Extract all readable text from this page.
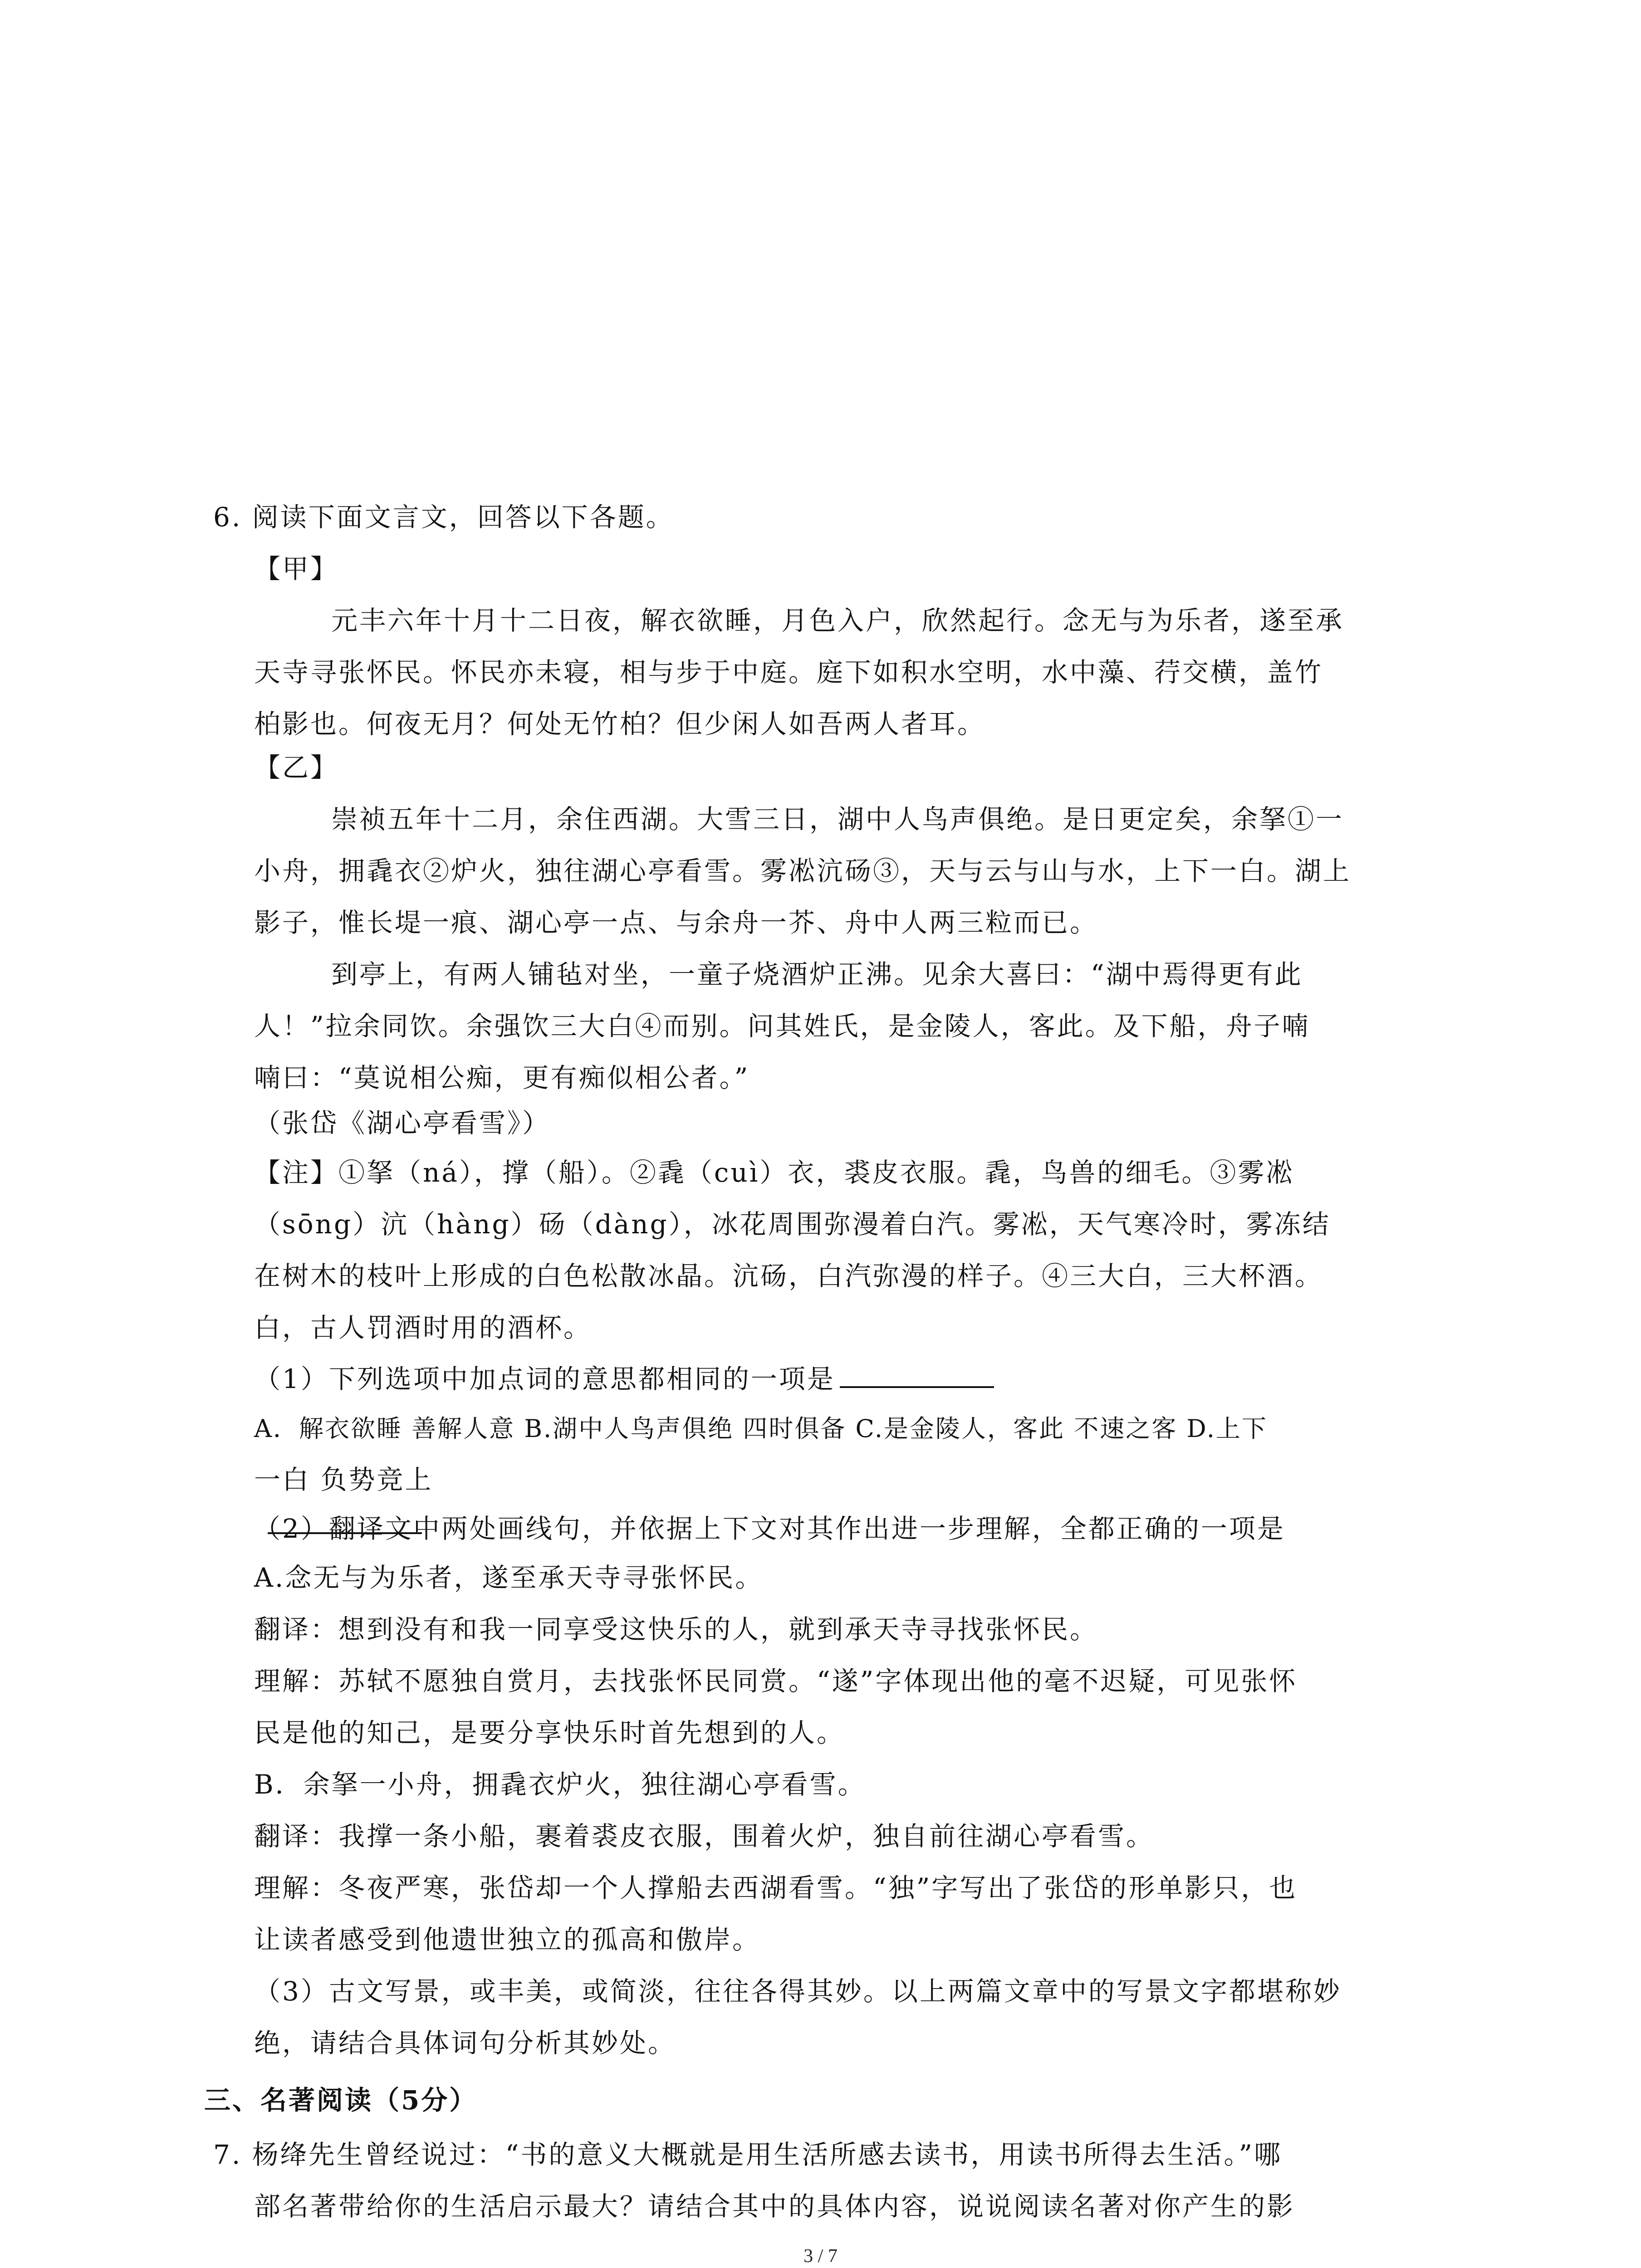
6. 阅读下面文言文，回答以下各题。
【甲】
元丰六年十月十二日夜，解衣欲睡，月色入户，欣然起行。念无与为乐者，遂至承
天寺寻张怀民。怀民亦未寝，相与步于中庭。庭下如积水空明，水中藻、荇交横，盖竹
柏影也。何夜无月？何处无竹柏？但少闲人如吾两人者耳。
【乙】
崇祯五年十二月，余住西湖。大雪三日，湖中人鸟声俱绝。是日更定矣，余拏①一
小舟，拥毳衣②炉火，独往湖心亭看雪。雾凇沆砀③，天与云与山与水，上下一白。湖上
影子，惟长堤一痕、湖心亭一点、与余舟一芥、舟中人两三粒而已。
到亭上，有两人铺毡对坐，一童子烧酒炉正沸。见余大喜曰：“湖中焉得更有此
人！”拉余同饮。余强饮三大白④而别。问其姓氏，是金陵人，客此。及下船，舟子喃
喃曰：“莫说相公痴，更有痴似相公者。”
（张岱《湖心亭看雪》）
【注】①拏（ná），撑（船）。②毳（cuì）衣，裘皮衣服。毳，鸟兽的细毛。③雾凇
（sōng）沆（hàng）砀（dàng），冰花周围弥漫着白汽。雾凇，天气寒冷时，雾冻结
在树木的枝叶上形成的白色松散冰晶。沆砀，白汽弥漫的样子。④三大白，三大杯酒。
白，古人罚酒时用的酒杯。
（1）下列选项中加点词的意思都相同的一项是
A．解衣欲睡 善解人意 B.湖中人鸟声俱绝 四时俱备 C.是金陵人，客此 不速之客 D.上下
一白 负势竞上
（2）翻译文中两处画线句，并依据上下文对其作出进一步理解，全都正确的一项是
A.念无与为乐者，遂至承天寺寻张怀民。
翻译：想到没有和我一同享受这快乐的人，就到承天寺寻找张怀民。
理解：苏轼不愿独自赏月，去找张怀民同赏。“遂”字体现出他的毫不迟疑，可见张怀
民是他的知己，是要分享快乐时首先想到的人。
B．余拏一小舟，拥毳衣炉火，独往湖心亭看雪。
翻译：我撑一条小船，裹着裘皮衣服，围着火炉，独自前往湖心亭看雪。
理解：冬夜严寒，张岱却一个人撑船去西湖看雪。“独”字写出了张岱的形单影只，也
让读者感受到他遗世独立的孤高和傲岸。
（3）古文写景，或丰美，或简淡，往往各得其妙。以上两篇文章中的写景文字都堪称妙
绝，请结合具体词句分析其妙处。
三、名著阅读（5分）
7. 杨绛先生曾经说过：“书的意义大概就是用生活所感去读书，用读书所得去生活。”哪
部名著带给你的生活启示最大？请结合其中的具体内容，说说阅读名著对你产生的影
3 / 7
